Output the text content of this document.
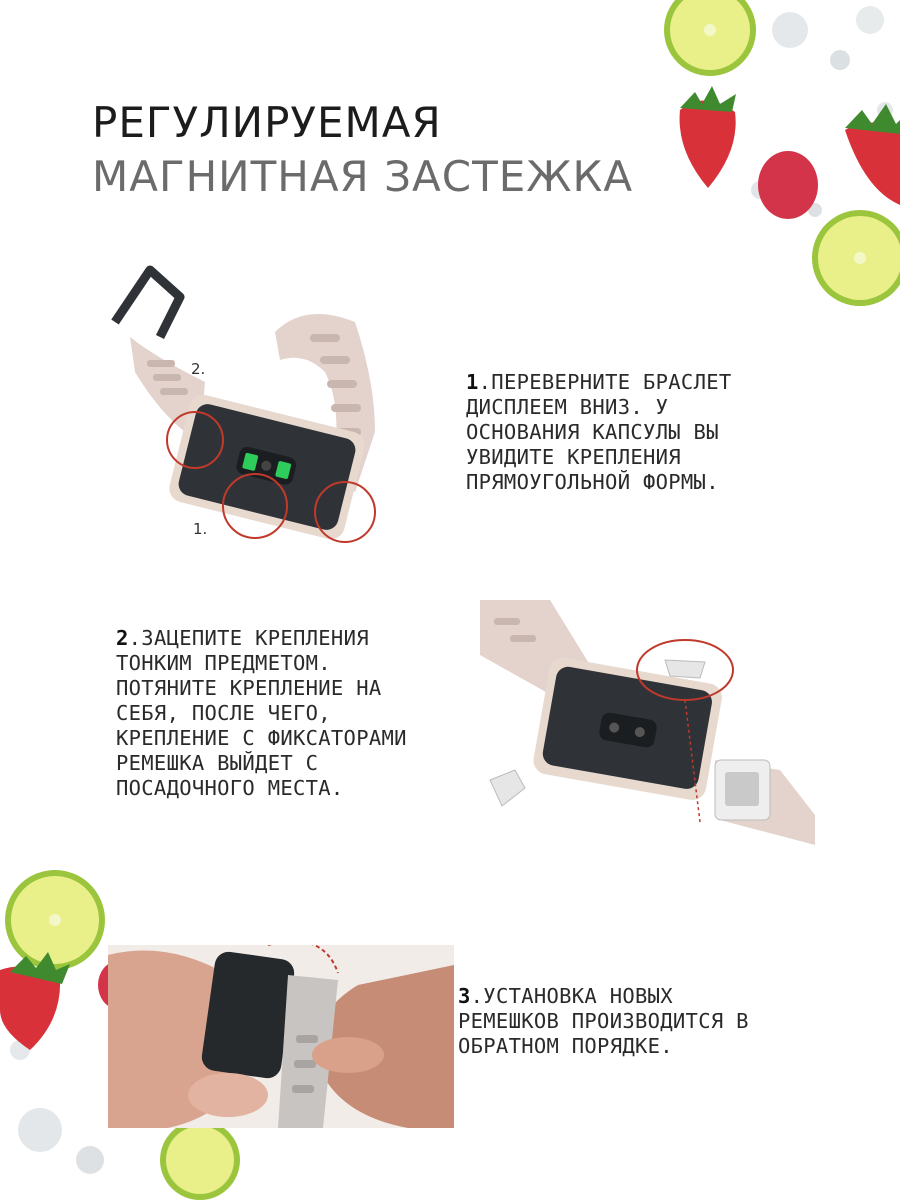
РЕГУЛИРУЕМАЯ
МАГНИТНАЯ ЗАСТЕЖКА
2.
1.
1.ПЕРЕВЕРНИТЕ БРАСЛЕТ
ДИСПЛЕЕМ ВНИЗ. У
ОСНОВАНИЯ КАПСУЛЫ ВЫ
УВИДИТЕ КРЕПЛЕНИЯ
ПРЯМОУГОЛЬНОЙ ФОРМЫ.
2.ЗАЦЕПИТЕ КРЕПЛЕНИЯ
ТОНКИМ ПРЕДМЕТОМ.
ПОТЯНИТЕ КРЕПЛЕНИЕ НА
СЕБЯ, ПОСЛЕ ЧЕГО,
КРЕПЛЕНИЕ С ФИКСАТОРАМИ
РЕМЕШКА ВЫЙДЕТ С
ПОСАДОЧНОГО МЕСТА.
3.УСТАНОВКА НОВЫХ
РЕМЕШКОВ ПРОИЗВОДИТСЯ В
ОБРАТНОМ ПОРЯДКЕ.
